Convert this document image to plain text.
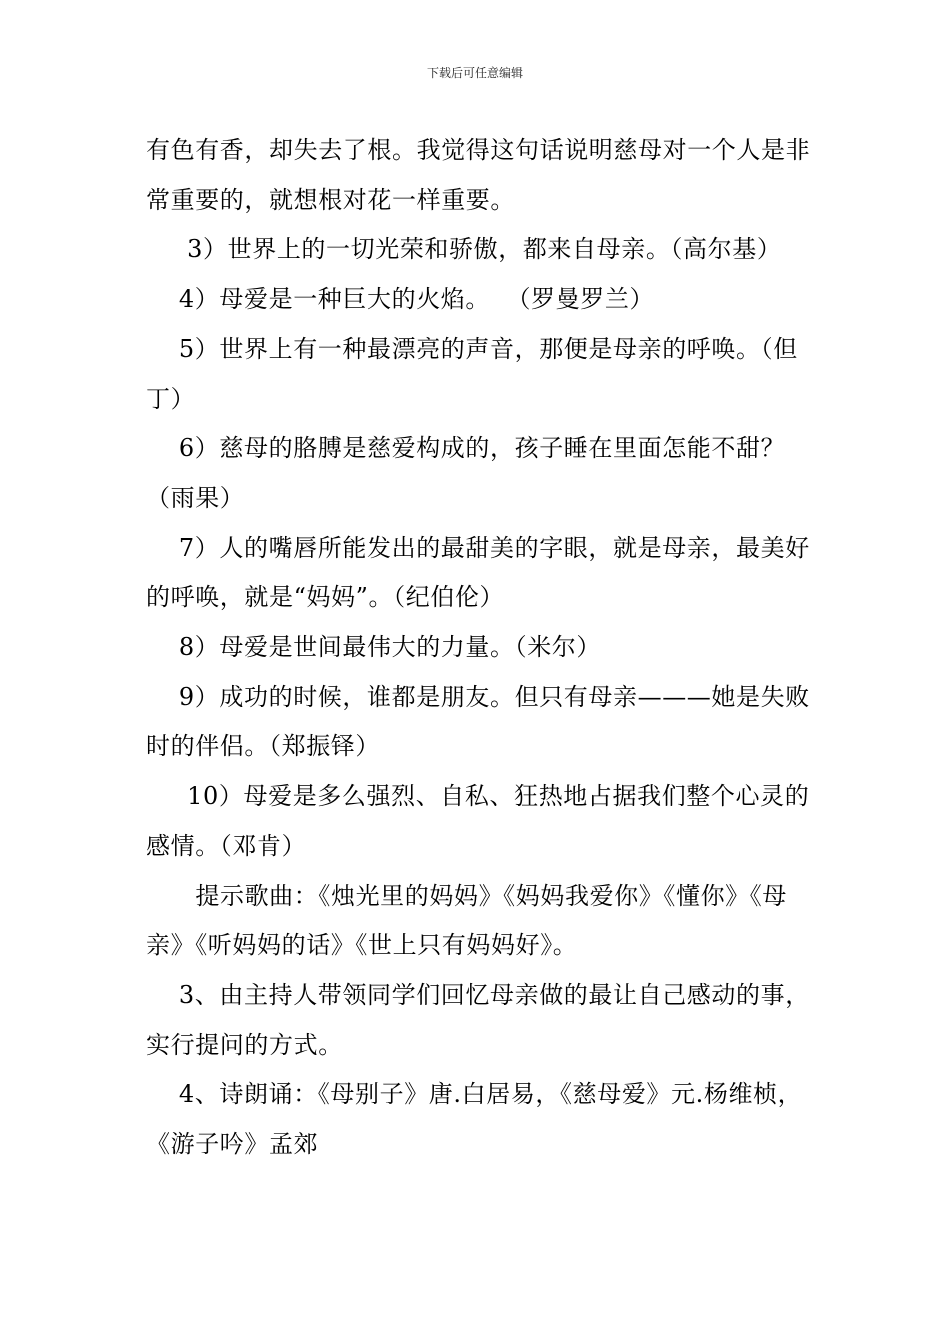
下载后可任意编辑

有色有香，却失去了根。我觉得这句话说明慈母对一个人是非常重要的，就想根对花一样重要。

3）世界上的一切光荣和骄傲，都来自母亲。（高尔基）

4）母爱是一种巨大的火焰。  （罗曼罗兰）

5）世界上有一种最漂亮的声音，那便是母亲的呼唤。（但丁）

6）慈母的胳膊是慈爱构成的，孩子睡在里面怎能不甜？（雨果）

7）人的嘴唇所能发出的最甜美的字眼，就是母亲，最美好的呼唤，就是“妈妈”。（纪伯伦）

8）母爱是世间最伟大的力量。（米尔）

9）成功的时候，谁都是朋友。但只有母亲———她是失败时的伴侣。（郑振铎）

10）母爱是多么强烈、自私、狂热地占据我们整个心灵的感情。（邓肯）

提示歌曲：《烛光里的妈妈》《妈妈我爱你》《懂你》《母亲》《听妈妈的话》《世上只有妈妈好》。

3、由主持人带领同学们回忆母亲做的最让自己感动的事，实行提问的方式。

4、诗朗诵：《母别子》唐.白居易，《慈母爱》元.杨维桢，《游子吟》孟郊
